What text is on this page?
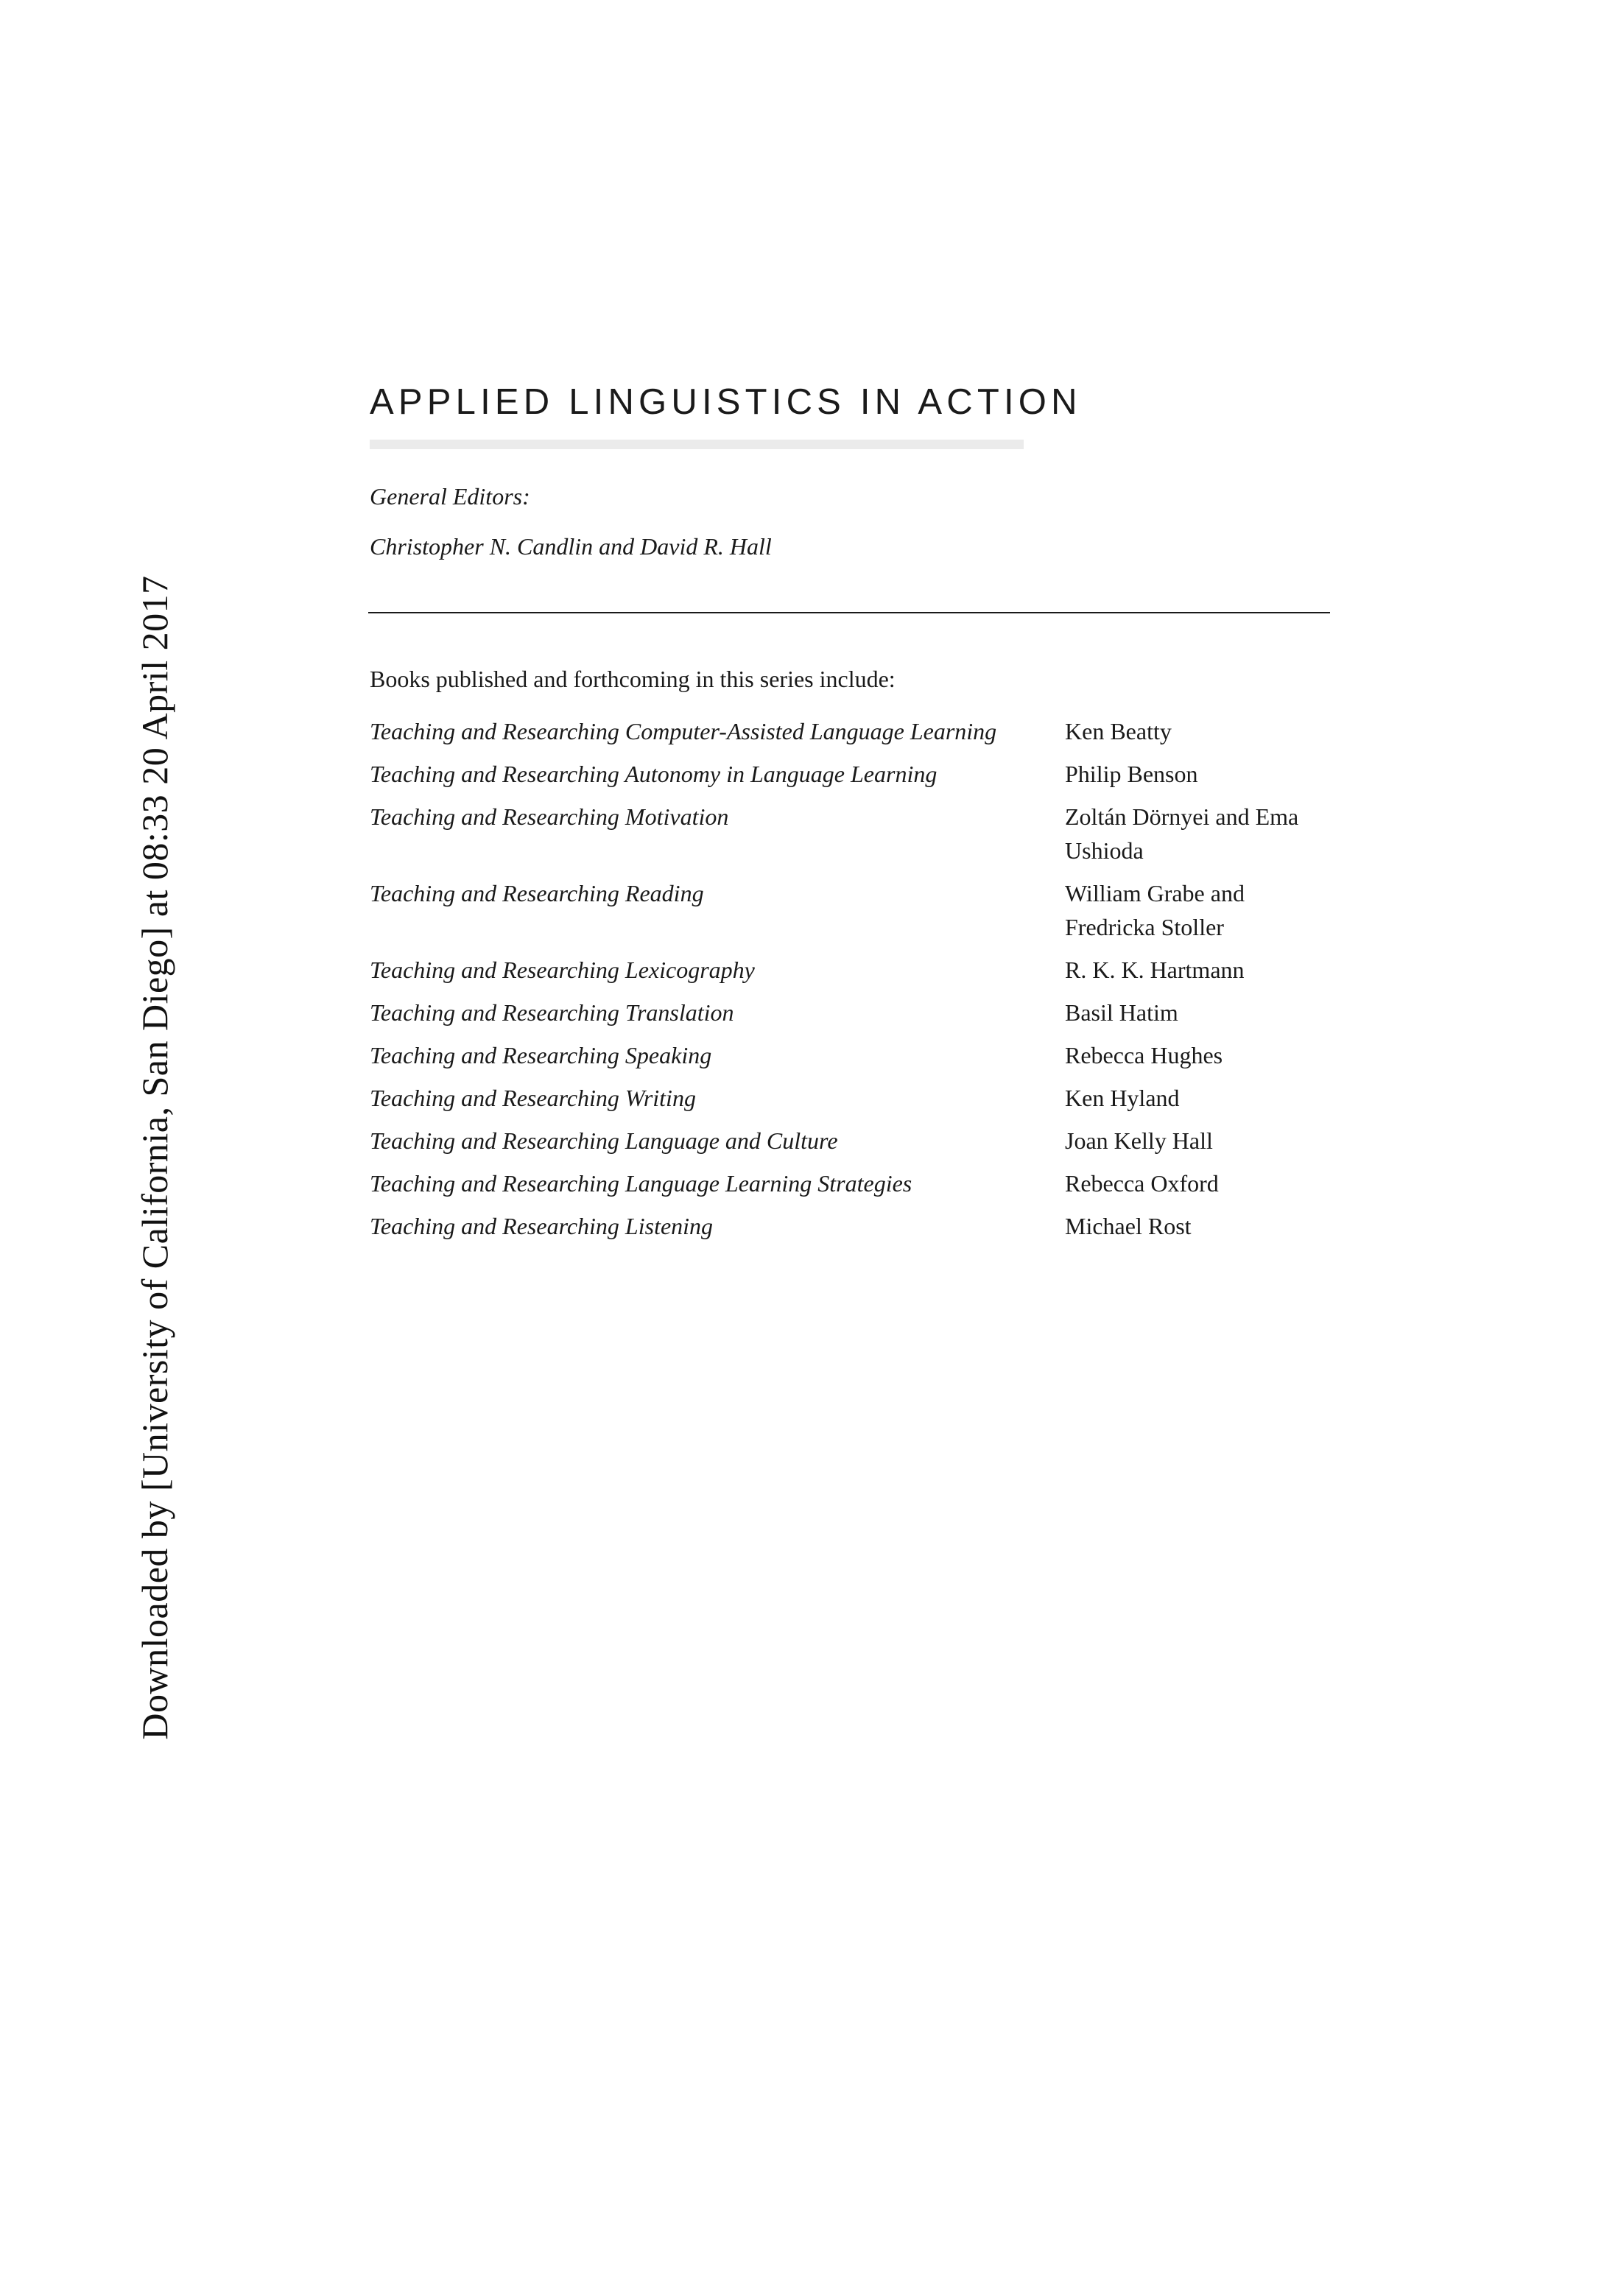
Downloaded by [University of California, San Diego] at 08:33 20 April 2017
APPLIED LINGUISTICS IN ACTION
General Editors:
Christopher N. Candlin and David R. Hall
Books published and forthcoming in this series include:
Teaching and Researching Computer-Assisted Language Learning	Ken Beatty
Teaching and Researching Autonomy in Language Learning	Philip Benson
Teaching and Researching Motivation	Zoltán Dörnyei and Ema Ushioda
Teaching and Researching Reading	William Grabe and Fredricka Stoller
Teaching and Researching Lexicography	R. K. K. Hartmann
Teaching and Researching Translation	Basil Hatim
Teaching and Researching Speaking	Rebecca Hughes
Teaching and Researching Writing	Ken Hyland
Teaching and Researching Language and Culture	Joan Kelly Hall
Teaching and Researching Language Learning Strategies	Rebecca Oxford
Teaching and Researching Listening	Michael Rost
